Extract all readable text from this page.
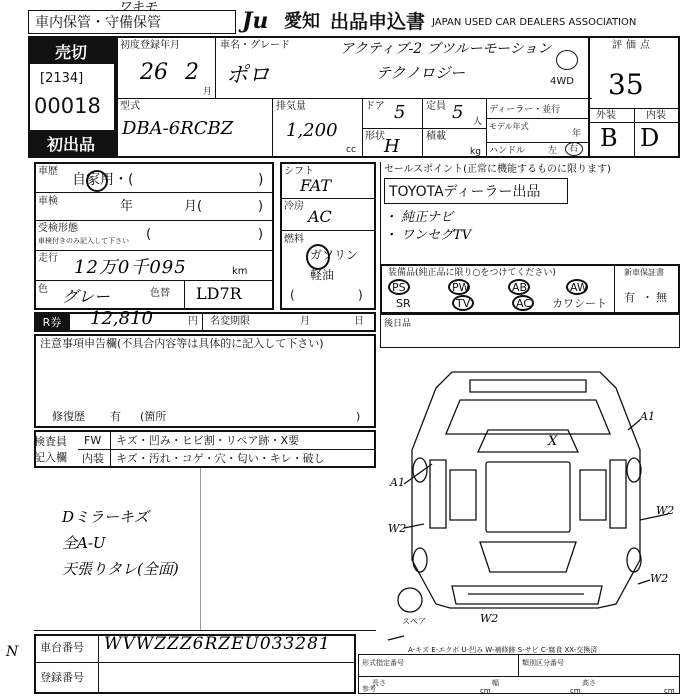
ワキモ
車内保管・守備保管	Ju 愛知 出品申込書 JAPAN USED CAR DEALERS ASSOCIATION
売切
[2134]
00018
初出品
初度登録年月
26 2
月
車名・グレード
ポロ
アクティブ-2 ブツルーモーション
テクノロジー	4WD
型式
DBA-6RCBZ
排気量
1,200
cc
ドア 5 定員 5 人
形状 H	積載
kg
ディーラー・並行
モデル年式
年
ハンドル	左 右
評価点
35
外装	内装
B D
車歴
自家用・(	)
車検	年	月(	)
受検形態
車検付きのみ記入して下さい (	)
走行 12万0千095	km
色 グレー	色替 LD7R
シフト
FAT
冷房
AC
燃料
ガソリン
軽油
(	)
セールスポイント(正常に機能するものに限ります)
TOYOTAディーラー出品
・ 純正ナビ
・ ワンセグTV
装備品(純正品に限り○をつけてください)
PS	PW	AB	AW
SR	TV	AC カワシート
新車保証書
有 ・ 無
R券 12,810	円 名変期限	月	日 後日品
注意事項申告欄(不具合内容等は具体的に記入して下さい)
修復歴 有 (箇所	)
検査員
記入欄
FW キズ・凹み・ヒビ割・リペア跡・X要
内装 キズ・汚れ・コゲ・穴・匂い・キレ・破し
Dミラーキズ
全A-U
天張りタレ(全面)
A1
W2
X
W2
A1
W2
W2
スペア
N 車台番号 WVWZZZ6RZEU033281
登録番号
A-キズ E-エクボ U-凹み W-補修跡 S-サビ C-腐食 XX-交換済
形式指定番号	類別区分番号
参考
長さ
cm
幅
cm
高さ
cm
